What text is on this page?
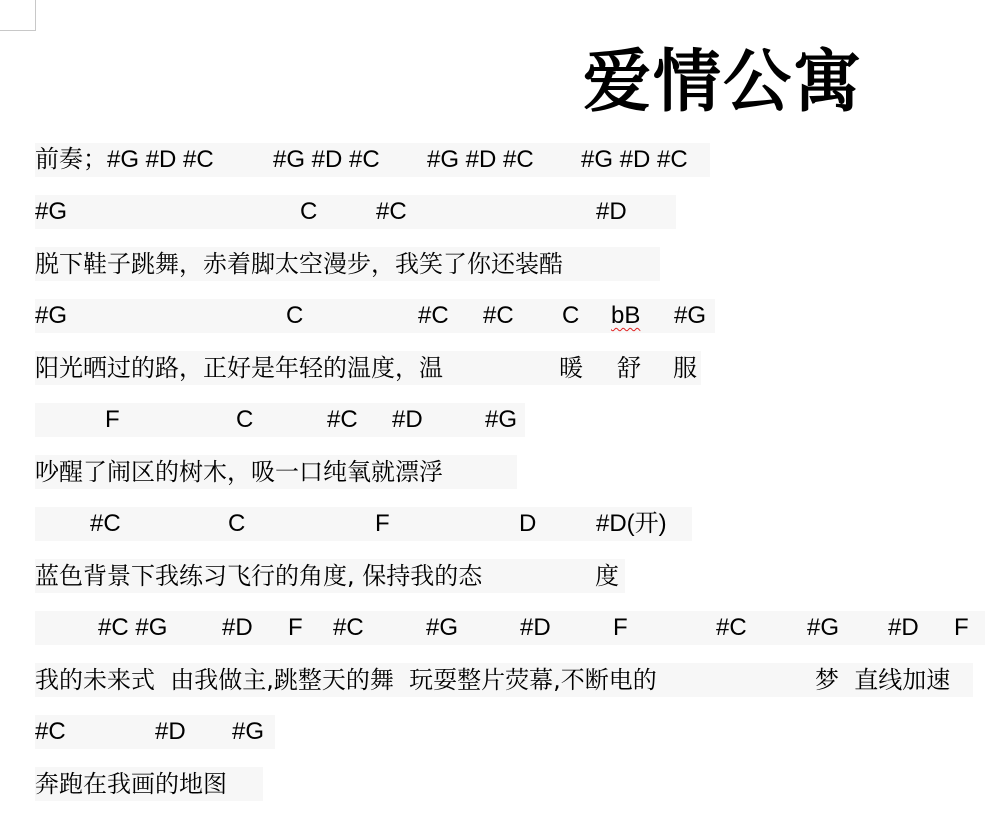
爱情公寓

前奏；#G #D #C

#G #D #C

#G #D #C

#G #D #C

#G

	C

#C

	#D

脱下鞋子跳舞，赤着脚太空漫步，我笑了你还装酷

#G

	C

	#C

#C

C

bB

#G

阳光晒过的路，正好是年轻的温度，温

	暖

舒

服

F

	C

	#C

#D

	#G

吵醒了闹区的树木，吸一口纯氧就漂浮

#C

	C

	F

	D

#D(开)

蓝色背景下我练习飞行的角度, 保持我的态

	度

#C #G

#D

F

#C

	#G

	#D

	F

	#C

	#G

#D

F

我的未来式  由我做主,跳整天的舞  玩耍整片荧幕,不断电的

	梦  直线加速

#C

	#D

#G

奔跑在我画的地图
